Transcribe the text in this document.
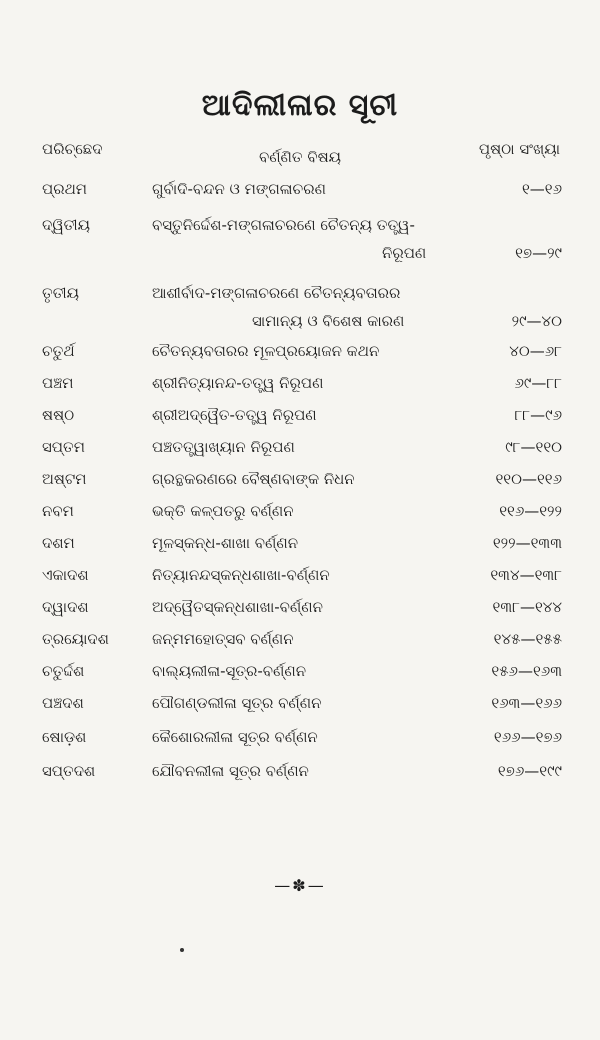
ଆଦିଲୀଳାର ସୂଚୀ
ପରିଚ୍ଛେଦ	ବର୍ଣ୍ଣିତ ବିଷୟ	ପୃଷ୍ଠା ସଂଖ୍ୟା
ପ୍ରଥମ	ଗୁର୍ବାଦି-ବନ୍ଦନ ଓ ମଙ୍ଗଳାଚରଣ	୧—୧୬
ଦ୍ୱିତୀୟ	ବସ୍ତୁନିର୍ଦ୍ଦେଶ-ମଙ୍ଗଳାଚରଣେ ଚୈତନ୍ୟ ତତ୍ତ୍ୱ-
ନିରୂପଣ	୧୭—୨୯
ତୃତୀୟ	ଆଶୀର୍ବାଦ-ମଙ୍ଗଳାଚରଣେ ଚୈତନ୍ୟବତାରର
ସାମାନ୍ୟ ଓ ବିଶେଷ କାରଣ	୨୯—୪୦
ଚତୁର୍ଥ	ଚୈତନ୍ୟବତାରର ମୂଳପ୍ରୟୋଜନ କଥନ	୪୦—୬୮
ପଞ୍ଚମ	ଶ୍ରୀନିତ୍ୟାନନ୍ଦ-ତତ୍ତ୍ୱ ନିରୂପଣ	୬୯—୮୮
ଷଷ୍ଠ	ଶ୍ରୀଅଦ୍ୱୈତ-ତତ୍ତ୍ୱ ନିରୂପଣ	୮୮—୯୬
ସପ୍ତମ	ପଞ୍ଚତତ୍ତ୍ୱାଖ୍ୟାନ ନିରୂପଣ	୯୮—୧୧୦
ଅଷ୍ଟମ	ଗ୍ରନ୍ଥକରଣରେ ବୈଷ୍ଣବାଙ୍କ ନିଧନ	୧୧୦—୧୧୬
ନବମ	ଭକ୍ତି କଳ୍ପତରୁ ବର୍ଣ୍ଣନ	୧୧୬—୧୨୨
ଦଶମ	ମୂଳସ୍କନ୍ଧ-ଶାଖା ବର୍ଣ୍ଣନ	୧୨୨—୧୩୩
ଏକାଦଶ	ନିତ୍ୟାନନ୍ଦସ୍କନ୍ଧଶାଖା-ବର୍ଣ୍ଣନ	୧୩୪—୧୩୮
ଦ୍ୱାଦଶ	ଅଦ୍ୱୈତସ୍କନ୍ଧଶାଖା-ବର୍ଣ୍ଣନ	୧୩୮—୧୪୪
ତ୍ରୟୋଦଶ	ଜନ୍ମମହୋତ୍ସବ ବର୍ଣ୍ଣନ	୧୪୫—୧୫୫
ଚତୁର୍ଦ୍ଦଶ	ବାଲ୍ୟଲୀଳା-ସୂତ୍ର-ବର୍ଣ୍ଣନ	୧୫୬—୧୬୩
ପଞ୍ଚଦଶ	ପୌଗଣ୍ଡଲୀଳା ସୂତ୍ର ବର୍ଣ୍ଣନ	୧୬୩—୧୬୬
ଷୋଡ଼ଶ	କୈଶୋରଲୀଳା ସୂତ୍ର ବର୍ଣ୍ଣନ	୧୬୬—୧୭୬
ସପ୍ତଦଶ	ଯୌବନଲୀଳା ସୂତ୍ର ବର୍ଣ୍ଣନ	୧୭୬—୧୯୯
—✽—
